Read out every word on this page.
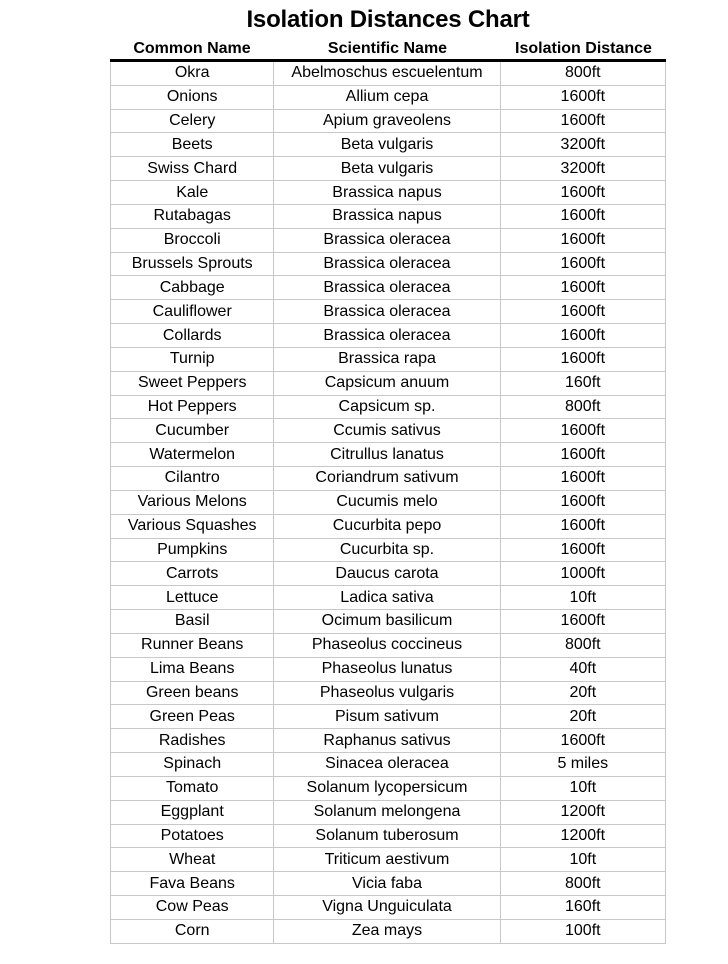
Isolation Distances Chart
Common Name	Scientific Name	Isolation Distance
Okra	Abelmoschus escuelentum	800ft
Onions	Allium cepa	1600ft
Celery	Apium graveolens	1600ft
Beets	Beta vulgaris	3200ft
Swiss Chard	Beta vulgaris	3200ft
Kale	Brassica napus	1600ft
Rutabagas	Brassica napus	1600ft
Broccoli	Brassica oleracea	1600ft
Brussels Sprouts	Brassica oleracea	1600ft
Cabbage	Brassica oleracea	1600ft
Cauliflower	Brassica oleracea	1600ft
Collards	Brassica oleracea	1600ft
Turnip	Brassica rapa	1600ft
Sweet Peppers	Capsicum anuum	160ft
Hot Peppers	Capsicum sp.	800ft
Cucumber	Ccumis sativus	1600ft
Watermelon	Citrullus lanatus	1600ft
Cilantro	Coriandrum sativum	1600ft
Various Melons	Cucumis melo	1600ft
Various Squashes	Cucurbita pepo	1600ft
Pumpkins	Cucurbita sp.	1600ft
Carrots	Daucus carota	1000ft
Lettuce	Ladica sativa	10ft
Basil	Ocimum basilicum	1600ft
Runner Beans	Phaseolus coccineus	800ft
Lima Beans	Phaseolus lunatus	40ft
Green beans	Phaseolus vulgaris	20ft
Green Peas	Pisum sativum	20ft
Radishes	Raphanus sativus	1600ft
Spinach	Sinacea oleracea	5 miles
Tomato	Solanum lycopersicum	10ft
Eggplant	Solanum melongena	1200ft
Potatoes	Solanum tuberosum	1200ft
Wheat	Triticum aestivum	10ft
Fava Beans	Vicia faba	800ft
Cow Peas	Vigna Unguiculata	160ft
Corn	Zea mays	100ft
